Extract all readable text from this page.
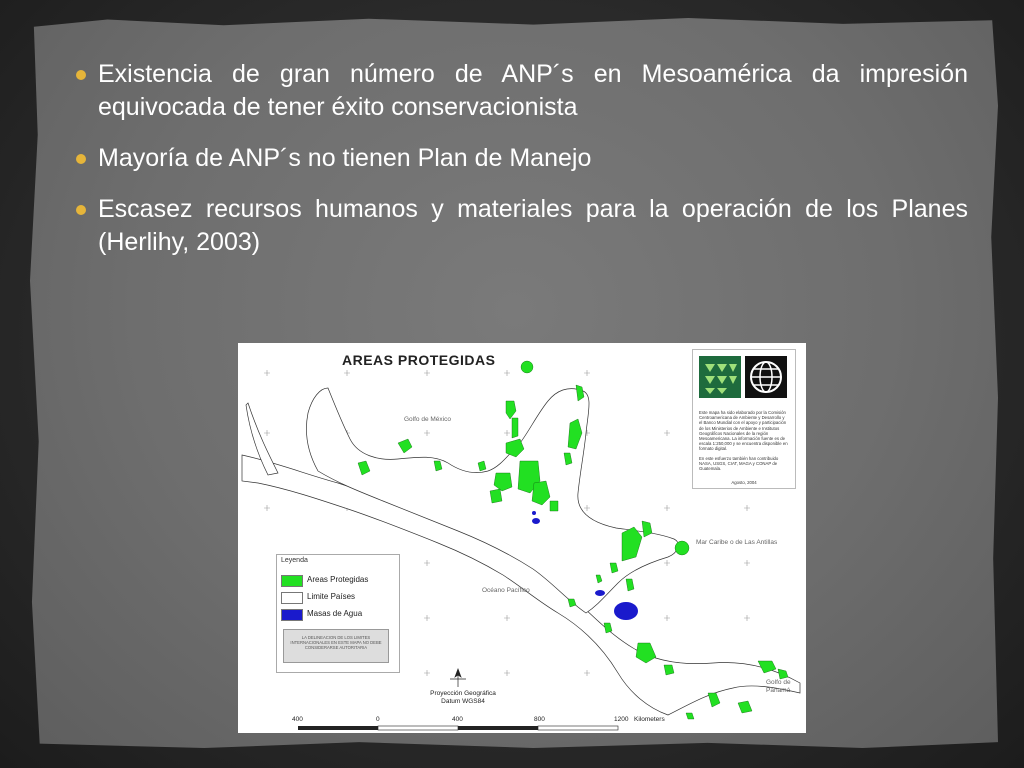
Existencia de gran número de ANP´s en Mesoamérica da impresión equivocada de tener éxito conservacionista
Mayoría de ANP´s no tienen Plan de Manejo
Escasez recursos humanos y materiales para la operación de los Planes (Herlihy, 2003)
AREAS PROTEGIDAS
Golfo de México
Mar Caribe o de Las Antillas
Océano Pacífico
Golfo de
Panamá

Este mapa ha sido elaborado por la Comisión Centroamericana de Ambiente y Desarrollo y el Banco Mundial con el apoyo y participación de los Ministerios de Ambiente e Institutos Geográficos Nacionales de la región Mesoamericana. La información fuente es de escala 1:250,000 y se encuentra disponible en formato digital.

En este esfuerzo también han contribuido NASA, USGS, CIAT, MAGA y CONAP de Guatemala.

Agosto, 2004
Leyenda
Areas Protegidas
Limite Países
Masas de Agua
LA DELINEACION DE LOS LIMITES INTERNACIONALES EN ESTE MAPA NO DEBE CONSIDERARSE AUTORITARIA
Proyección Geográfica
Datum WGS84
400	0	400	800	1200 Kilometers
